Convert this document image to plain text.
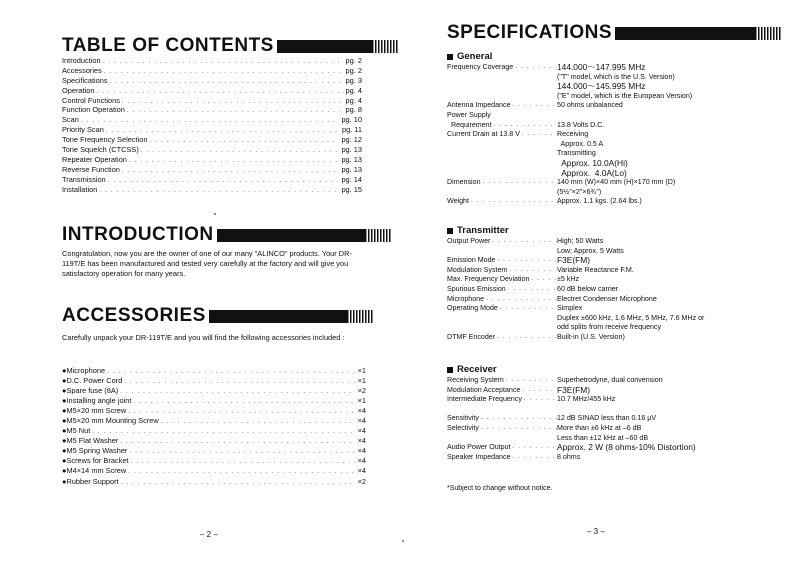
TABLE OF CONTENTS
Introduction . . .	pg. 2
Accessories . . .	pg. 2
Specifications . . .	pg. 3
Operation . . .	pg. 4
Control Functions . . .	pg. 4
Function Operation . . .	pg. 8
Scan . . .	pg. 10
Priority Scan . . .	pg. 11
Tone Frequency Selection . . .	pg. 12
Tone Squelch (CTCSS) . . .	pg. 13
Repeater Operation . . .	pg. 13
Reverse Function . . .	pg. 13
Transmission . . .	pg. 14
Installation . . .	pg. 15
INTRODUCTION
Congratulation, now you are the owner of one of our many "ALINCO" products. Your DR-119T/E has been manufactured and tested very carefully at the factory and will give you satisfactory operation for many years.
ACCESSORIES
Carefully unpack your DR-119T/E and you will find the following accessories included :
●Microphone . . .	×1
●D.C. Power Cord . . .	×1
●Spare fuse (8A) . . .	×2
●Installing angle joint . . .	×1
●M5×20 mm Screw . . .	×4
●M5×20 mm Mounting Screw . . .	×4
●M5 Nut . . .	×4
●M5 Flat Washer . . .	×4
●M5 Spring Washer . . .	×4
●Screws for Bracket . . .	×4
●M4×14 mm Screw . . .	×4
●Rubber Support . . .	×2
– 2 –
SPECIFICATIONS
General
Frequency Coverage . . .	144.000～147.995 MHz

("T" model, which is the U.S. Version)

144.000～145.995 MHz

("E" model, which is the European Version)
Antenna Impedance . . .	50 ohms unbalanced
Power Supply

Requirement . . .	13.8 Volts D.C.
Current Drain at 13.8 V . . .	Receiving

Approx. 0.5 A

Transmitting

Approx. 10.0A(Hi)

Approx.  4.0A(Lo)
Dimension . . .	140 mm (W)×40 mm (H)×170 mm (D)

(5½"×2"×6¾")
Weight . . .	Approx. 1.1 kgs. (2.64 lbs.)
Transmitter
Output Power . . .	High; 50 Watts

Low; Approx. 5 Watts
Emission Mode . . .	F3E(FM)
Modulation System . . .	Variable Reactance F.M.
Max. Frequency Deviation . . .	±5 kHz
Spurious Emission . . .	60 dB below carrier
Microphone . . .	Electret Condenser Microphone
Operating Mode . . .	Simplex

Duplex ±600 kHz, 1.6 MHz, 5 MHz, 7.6 MHz or

odd splits from receive frequency
DTMF Encoder . . .	Built-in (U.S. Version)
Receiver
Receiving System . . .	Superhetrodyne, dual convension
Modulation Acceptance . . .	F3E(FM)
Intermediate Frequency . . .	10.7 MHz/455 kHz

Sensitivity . . .	12 dB SINAD less than 0.16 μV
Selectivity . . .	More than ±6 kHz at –6 dB

Less than ±12 kHz at –60 dB
Audio Power Output . . .	Approx. 2 W (8 ohms-10% Distortion)
Speaker Impedance . . .	8 ohms
*Subject to change without notice.
– 3 –
